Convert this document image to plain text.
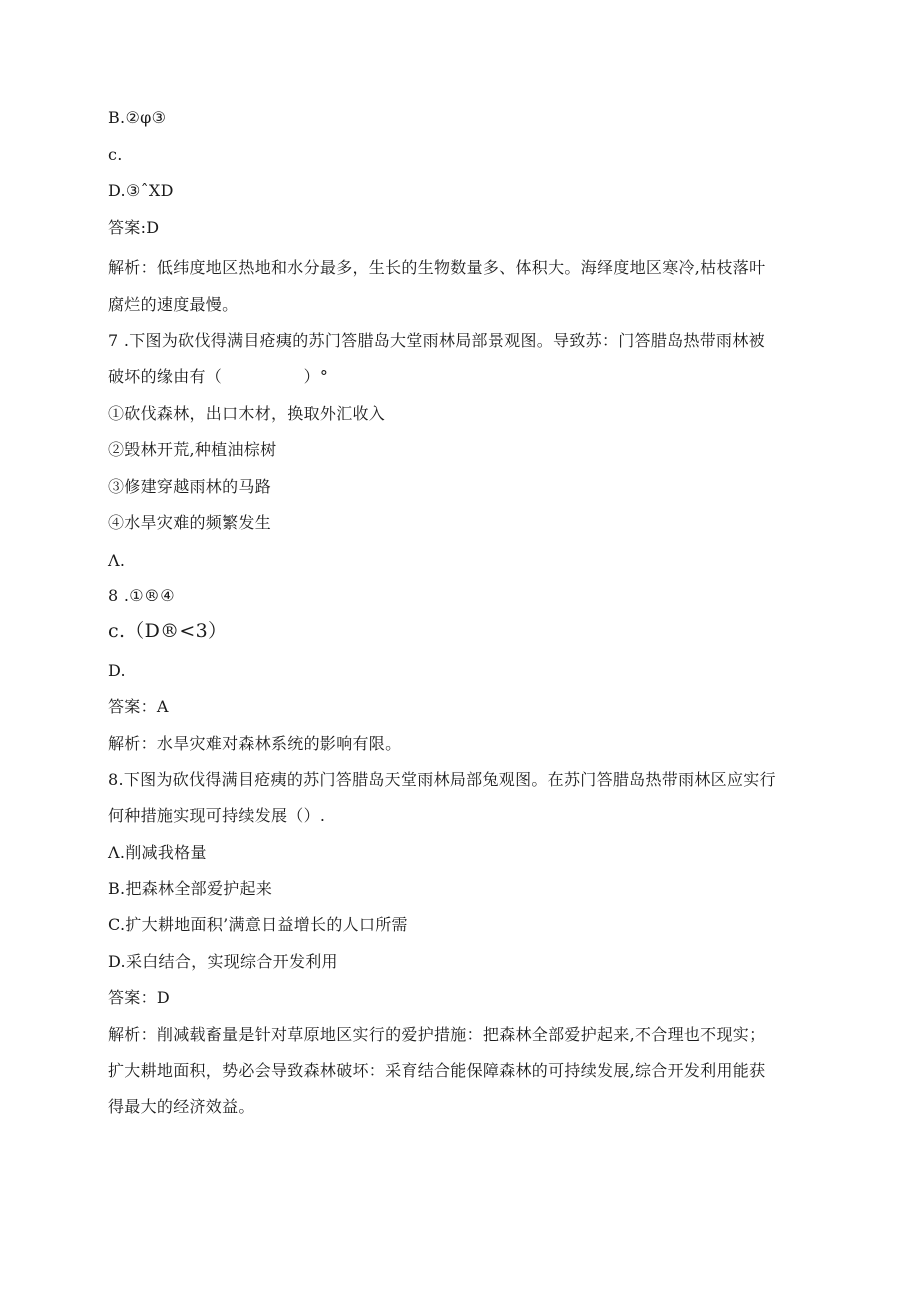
B.②φ③
c.
D.③ˆXD
答案:D
解析：低纬度地区热地和水分最多，生长的生物数量多、体积大。海绎度地区寒冷,枯枝落叶
腐烂的速度最慢。
7 .下图为砍伐得满目疮痍的苏门答腊岛大堂雨林局部景观图。导致苏：门答腊岛热带雨林被
破坏的缘由有（　　　　　）°
①砍伐森林，出口木材，换取外汇收入
②毁林开荒,种植油棕树
③修建穿越雨林的马路
④水旱灾难的频繁发生
Λ.
8 .①®④
c.（D®<3）
D.
答案：A
解析：水旱灾难对森林系统的影响有限。
8.下图为砍伐得满目疮痍的苏门答腊岛天堂雨林局部兔观图。在苏门答腊岛热带雨林区应实行
何种措施实现可持续发展（）.
Λ.削减我格量
B.把森林全部爱护起来
C.扩大耕地面积’满意日益增长的人口所需
D.采白结合，实现综合开发利用
答案：D
解析：削减载畜量是针对草原地区实行的爱护措施：把森林全部爱护起来,不合理也不现实；
扩大耕地面积，势必会导致森林破坏：采育结合能保障森林的可持续发展,综合开发利用能获
得最大的经济效益。
